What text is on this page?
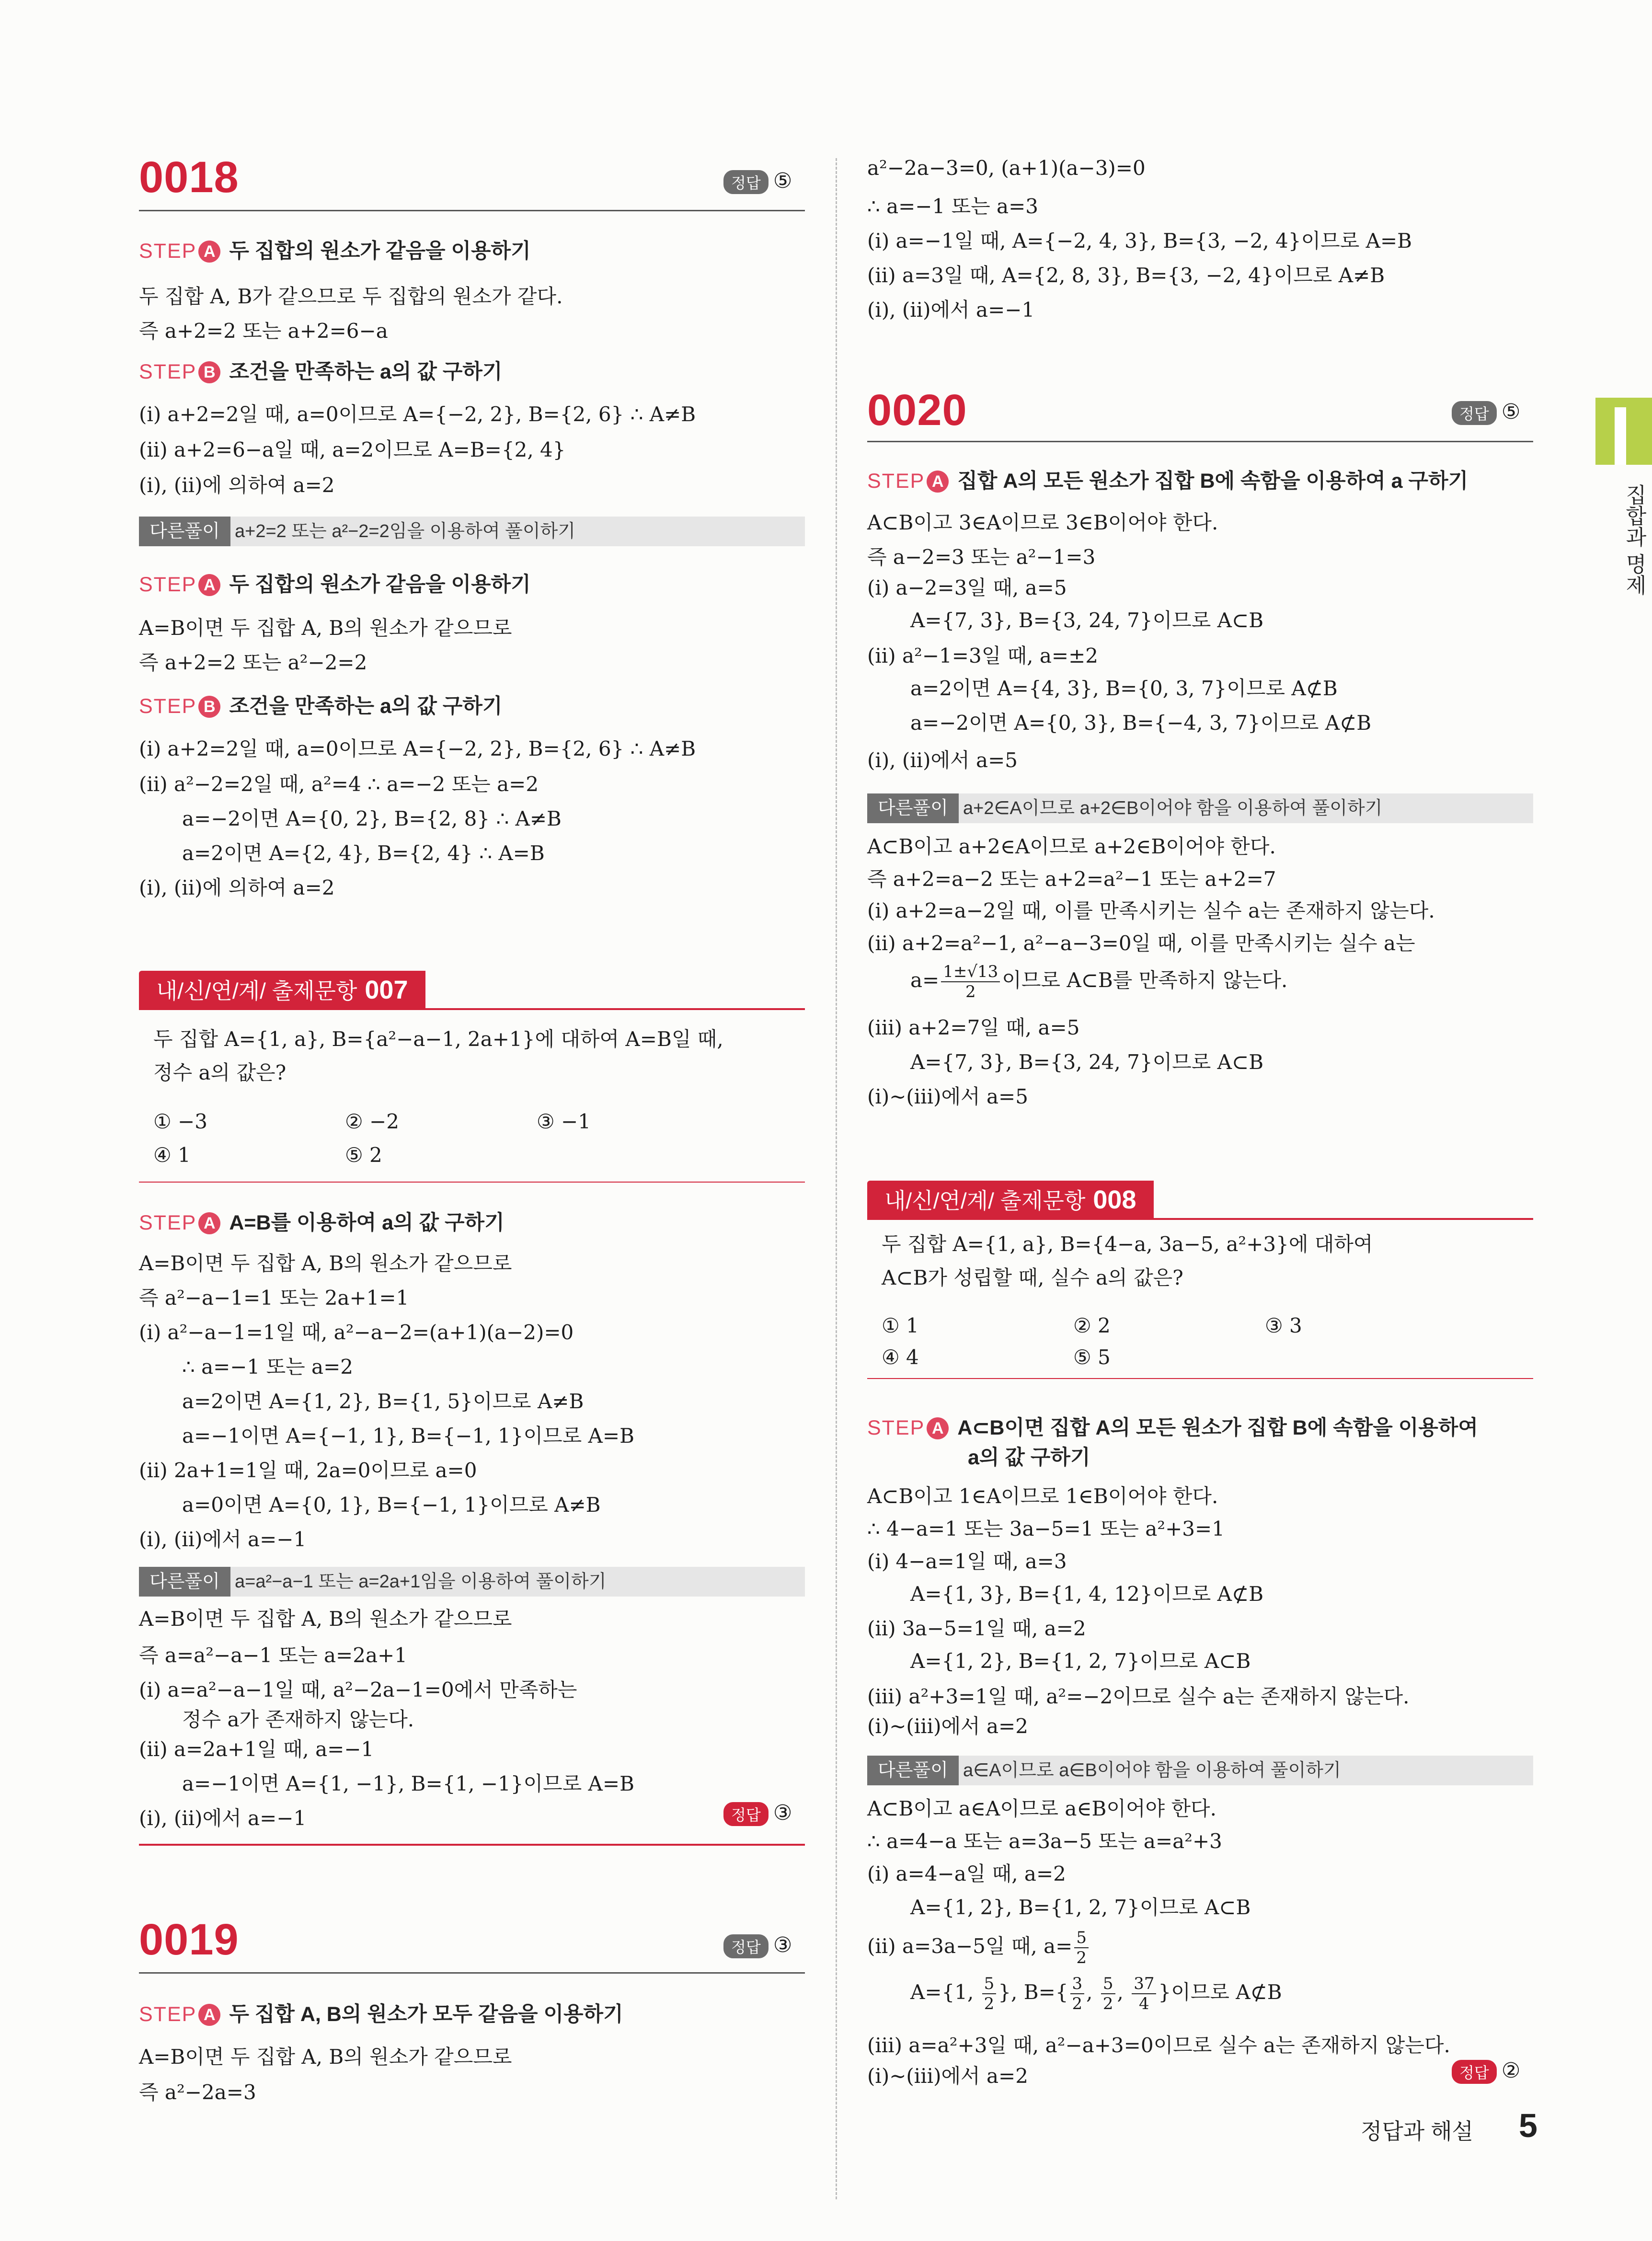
집합과 명제
0018	정답 ⑤
STEP A 두 집합의 원소가 같음을 이용하기
두 집합 A, B가 같으므로 두 집합의 원소가 같다.
즉 a+2=2 또는 a+2=6−a
STEP B 조건을 만족하는 a의 값 구하기
(ⅰ) a+2=2일 때, a=0이므로 A={−2, 2}, B={2, 6} ∴ A≠B
(ⅱ) a+2=6−a일 때, a=2이므로 A=B={2, 4}
(ⅰ), (ⅱ)에 의하여 a=2
다른풀이 a+2=2 또는 a²−2=2임을 이용하여 풀이하기
STEP A 두 집합의 원소가 같음을 이용하기
A=B이면 두 집합 A, B의 원소가 같으므로
즉 a+2=2 또는 a²−2=2
STEP B 조건을 만족하는 a의 값 구하기
(ⅰ) a+2=2일 때, a=0이므로 A={−2, 2}, B={2, 6} ∴ A≠B
(ⅱ) a²−2=2일 때, a²=4 ∴ a=−2 또는 a=2
a=−2이면 A={0, 2}, B={2, 8} ∴ A≠B
a=2이면 A={2, 4}, B={2, 4} ∴ A=B
(ⅰ), (ⅱ)에 의하여 a=2
내/신/연/계/ 출제문항 007
두 집합 A={1, a}, B={a²−a−1, 2a+1}에 대하여 A=B일 때,
정수 a의 값은?
① −3	② −2	③ −1
④ 1	⑤ 2
STEP A A=B를 이용하여 a의 값 구하기
A=B이면 두 집합 A, B의 원소가 같으므로
즉 a²−a−1=1 또는 2a+1=1
(ⅰ) a²−a−1=1일 때, a²−a−2=(a+1)(a−2)=0
∴ a=−1 또는 a=2
a=2이면 A={1, 2}, B={1, 5}이므로 A≠B
a=−1이면 A={−1, 1}, B={−1, 1}이므로 A=B
(ⅱ) 2a+1=1일 때, 2a=0이므로 a=0
a=0이면 A={0, 1}, B={−1, 1}이므로 A≠B
(ⅰ), (ⅱ)에서 a=−1
다른풀이 a=a²−a−1 또는 a=2a+1임을 이용하여 풀이하기
A=B이면 두 집합 A, B의 원소가 같으므로
즉 a=a²−a−1 또는 a=2a+1
(ⅰ) a=a²−a−1일 때, a²−2a−1=0에서 만족하는
정수 a가 존재하지 않는다.
(ⅱ) a=2a+1일 때, a=−1
a=−1이면 A={1, −1}, B={1, −1}이므로 A=B
(ⅰ), (ⅱ)에서 a=−1	정답 ③
0019	정답 ③
STEP A 두 집합 A, B의 원소가 모두 같음을 이용하기
A=B이면 두 집합 A, B의 원소가 같으므로
즉 a²−2a=3
a²−2a−3=0, (a+1)(a−3)=0
∴ a=−1 또는 a=3
(ⅰ) a=−1일 때, A={−2, 4, 3}, B={3, −2, 4}이므로 A=B
(ⅱ) a=3일 때, A={2, 8, 3}, B={3, −2, 4}이므로 A≠B
(ⅰ), (ⅱ)에서 a=−1
0020	정답 ⑤
STEP A 집합 A의 모든 원소가 집합 B에 속함을 이용하여 a 구하기
A⊂B이고 3∈A이므로 3∈B이어야 한다.
즉 a−2=3 또는 a²−1=3
(ⅰ) a−2=3일 때, a=5
A={7, 3}, B={3, 24, 7}이므로 A⊂B
(ⅱ) a²−1=3일 때, a=±2
a=2이면 A={4, 3}, B={0, 3, 7}이므로 A⊄B
a=−2이면 A={0, 3}, B={−4, 3, 7}이므로 A⊄B
(ⅰ), (ⅱ)에서 a=5
다른풀이 a+2∈A이므로 a+2∈B이어야 함을 이용하여 풀이하기
A⊂B이고 a+2∈A이므로 a+2∈B이어야 한다.
즉 a+2=a−2 또는 a+2=a²−1 또는 a+2=7
(ⅰ) a+2=a−2일 때, 이를 만족시키는 실수 a는 존재하지 않는다.
(ⅱ) a+2=a²−1, a²−a−3=0일 때, 이를 만족시키는 실수 a는
$a= \frac{1\pm√13}{2}$ 이므로 A⊂B를 만족하지 않는다.
(ⅲ) a+2=7일 때, a=5
A={7, 3}, B={3, 24, 7}이므로 A⊂B
(ⅰ)~(ⅲ)에서 a=5
내/신/연/계/ 출제문항 008
두 집합 A={1, a}, B={4−a, 3a−5, a²+3}에 대하여
A⊂B가 성립할 때, 실수 a의 값은?
① 1	② 2	③ 3
④ 4	⑤ 5
STEP A A⊂B이면 집합 A의 모든 원소가 집합 B에 속함을 이용하여
a의 값 구하기
A⊂B이고 1∈A이므로 1∈B이어야 한다.
∴ 4−a=1 또는 3a−5=1 또는 a²+3=1
(ⅰ) 4−a=1일 때, a=3
A={1, 3}, B={1, 4, 12}이므로 A⊄B
(ⅱ) 3a−5=1일 때, a=2
A={1, 2}, B={1, 2, 7}이므로 A⊂B
(ⅲ) a²+3=1일 때, a²=−2이므로 실수 a는 존재하지 않는다.
(ⅰ)~(ⅲ)에서 a=2
다른풀이 a∈A이므로 a∈B이어야 함을 이용하여 풀이하기
A⊂B이고 a∈A이므로 a∈B이어야 한다.
∴ a=4−a 또는 a=3a−5 또는 a=a²+3
(ⅰ) a=4−a일 때, a=2
A={1, 2}, B={1, 2, 7}이므로 A⊂B
(ⅱ) a=3a−5일 때, $a= \frac{5}{2}$
A={1, $\frac{5}{2}$ }, $B=\{ \frac{3}{2}$ , $\frac{5}{2}$ , $\frac{37}{4}$ }이므로 A⊄B
(ⅲ) a=a²+3일 때, a²−a+3=0이므로 실수 a는 존재하지 않는다.
(ⅰ)~(ⅲ)에서 a=2	정답 ②
정답과 해설 5
